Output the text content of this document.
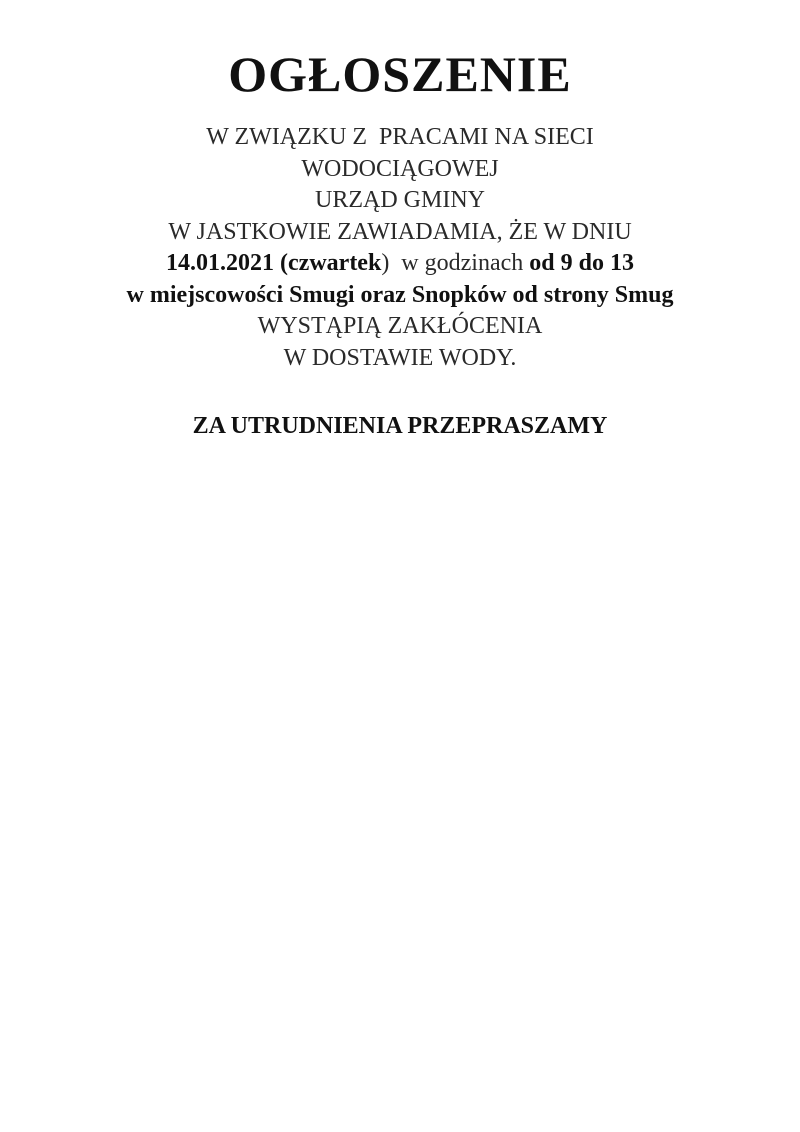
OGŁOSZENIE
W ZWIĄZKU Z  PRACAMI NA SIECI
WODOCIĄGOWEJ
URZĄD GMINY
W JASTKOWIE ZAWIADAMIA, ŻE W DNIU
14.01.2021 (czwartek)  w godzinach od 9 do 13
w miejscowości Smugi oraz Snopków od strony Smug
WYSTĄPIĄ ZAKŁÓCENIA
W DOSTAWIE WODY.
ZA UTRUDNIENIA PRZEPRASZAMY
